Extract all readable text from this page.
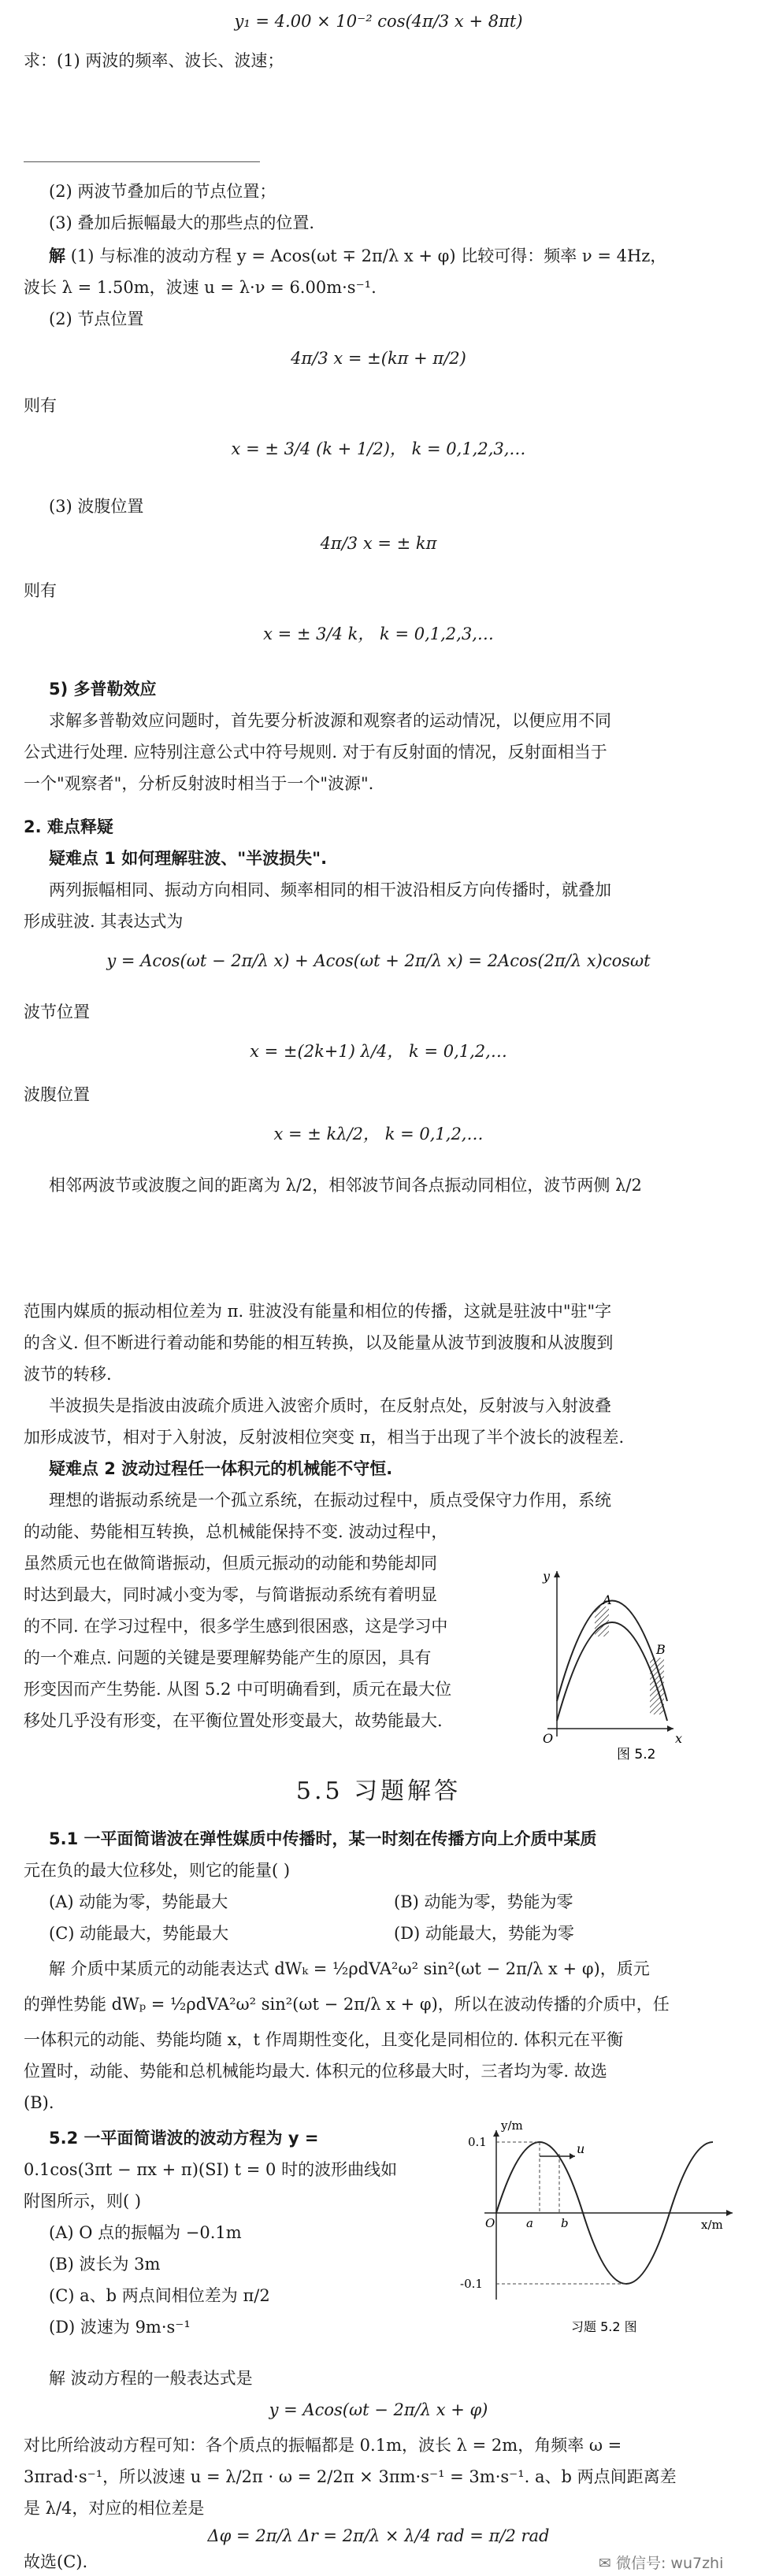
y₁ = 4.00 × 10⁻² cos(4π/3 x + 8πt)
求：(1) 两波的频率、波长、波速；
(2) 两波节叠加后的节点位置；
(3) 叠加后振幅最大的那些点的位置.
解 (1) 与标准的波动方程 y = Acos(ωt ∓ 2π/λ x + φ) 比较可得：频率 ν = 4Hz，
波长 λ = 1.50m，波速 u = λ·ν = 6.00m·s⁻¹.
(2) 节点位置
4π/3 x = ±(kπ + π/2)
则有
x = ± 3/4 (k + 1/2)， k = 0,1,2,3,…
(3) 波腹位置
4π/3 x = ± kπ
则有
x = ± 3/4 k， k = 0,1,2,3,…
5) 多普勒效应
求解多普勒效应问题时，首先要分析波源和观察者的运动情况，以便应用不同
公式进行处理. 应特别注意公式中符号规则. 对于有反射面的情况，反射面相当于
一个"观察者"，分析反射波时相当于一个"波源".
2. 难点释疑
疑难点 1 如何理解驻波、"半波损失".
两列振幅相同、振动方向相同、频率相同的相干波沿相反方向传播时，就叠加
形成驻波. 其表达式为
y = Acos(ωt − 2π/λ x) + Acos(ωt + 2π/λ x) = 2Acos(2π/λ x)cosωt
波节位置
x = ±(2k+1) λ/4， k = 0,1,2,…
波腹位置
x = ± kλ/2， k = 0,1,2,…
相邻两波节或波腹之间的距离为 λ/2，相邻波节间各点振动同相位，波节两侧 λ/2
范围内媒质的振动相位差为 π. 驻波没有能量和相位的传播，这就是驻波中"驻"字
的含义. 但不断进行着动能和势能的相互转换，以及能量从波节到波腹和从波腹到
波节的转移.
半波损失是指波由波疏介质进入波密介质时，在反射点处，反射波与入射波叠
加形成波节，相对于入射波，反射波相位突变 π，相当于出现了半个波长的波程差.
疑难点 2 波动过程任一体积元的机械能不守恒.
理想的谐振动系统是一个孤立系统，在振动过程中，质点受保守力作用，系统
的动能、势能相互转换，总机械能保持不变. 波动过程中，
虽然质元也在做简谐振动，但质元振动的动能和势能却同
时达到最大，同时减小变为零，与简谐振动系统有着明显
的不同. 在学习过程中，很多学生感到很困惑，这是学习中
的一个难点. 问题的关键是要理解势能产生的原因，具有
形变因而产生势能. 从图 5.2 中可明确看到，质元在最大位
移处几乎没有形变，在平衡位置处形变最大，故势能最大.
A
B
y
x
O
图 5.2
5.5 习题解答
5.1 一平面简谐波在弹性媒质中传播时，某一时刻在传播方向上介质中某质
元在负的最大位移处，则它的能量( )
(A) 动能为零，势能最大	(B) 动能为零，势能为零
(C) 动能最大，势能最大	(D) 动能最大，势能为零
解 介质中某质元的动能表达式 dWₖ = ½ρdVA²ω² sin²(ωt − 2π/λ x + φ)，质元
的弹性势能 dWₚ = ½ρdVA²ω² sin²(ωt − 2π/λ x + φ)，所以在波动传播的介质中，任
一体积元的动能、势能均随 x，t 作周期性变化，且变化是同相位的. 体积元在平衡
位置时，动能、势能和总机械能均最大. 体积元的位移最大时，三者均为零. 故选
(B).
5.2 一平面简谐波的波动方程为 y =
0.1cos(3πt − πx + π)(SI) t = 0 时的波形曲线如
附图所示，则( )
(A) O 点的振幅为 −0.1m
(B) 波长为 3m
(C) a、b 两点间相位差为 π/2
(D) 波速为 9m·s⁻¹
u
y/m
x/m
0.1
-0.1
O	a b
习题 5.2 图
解 波动方程的一般表达式是
y = Acos(ωt − 2π/λ x + φ)
对比所给波动方程可知：各个质点的振幅都是 0.1m，波长 λ = 2m，角频率 ω =
3πrad·s⁻¹，所以波速 u = λ/2π · ω = 2/2π × 3πm·s⁻¹ = 3m·s⁻¹. a、b 两点间距离差
是 λ/4，对应的相位差是
Δφ = 2π/λ Δr = 2π/λ × λ/4 rad = π/2 rad
故选(C).	✉ 微信号: wu7zhi
